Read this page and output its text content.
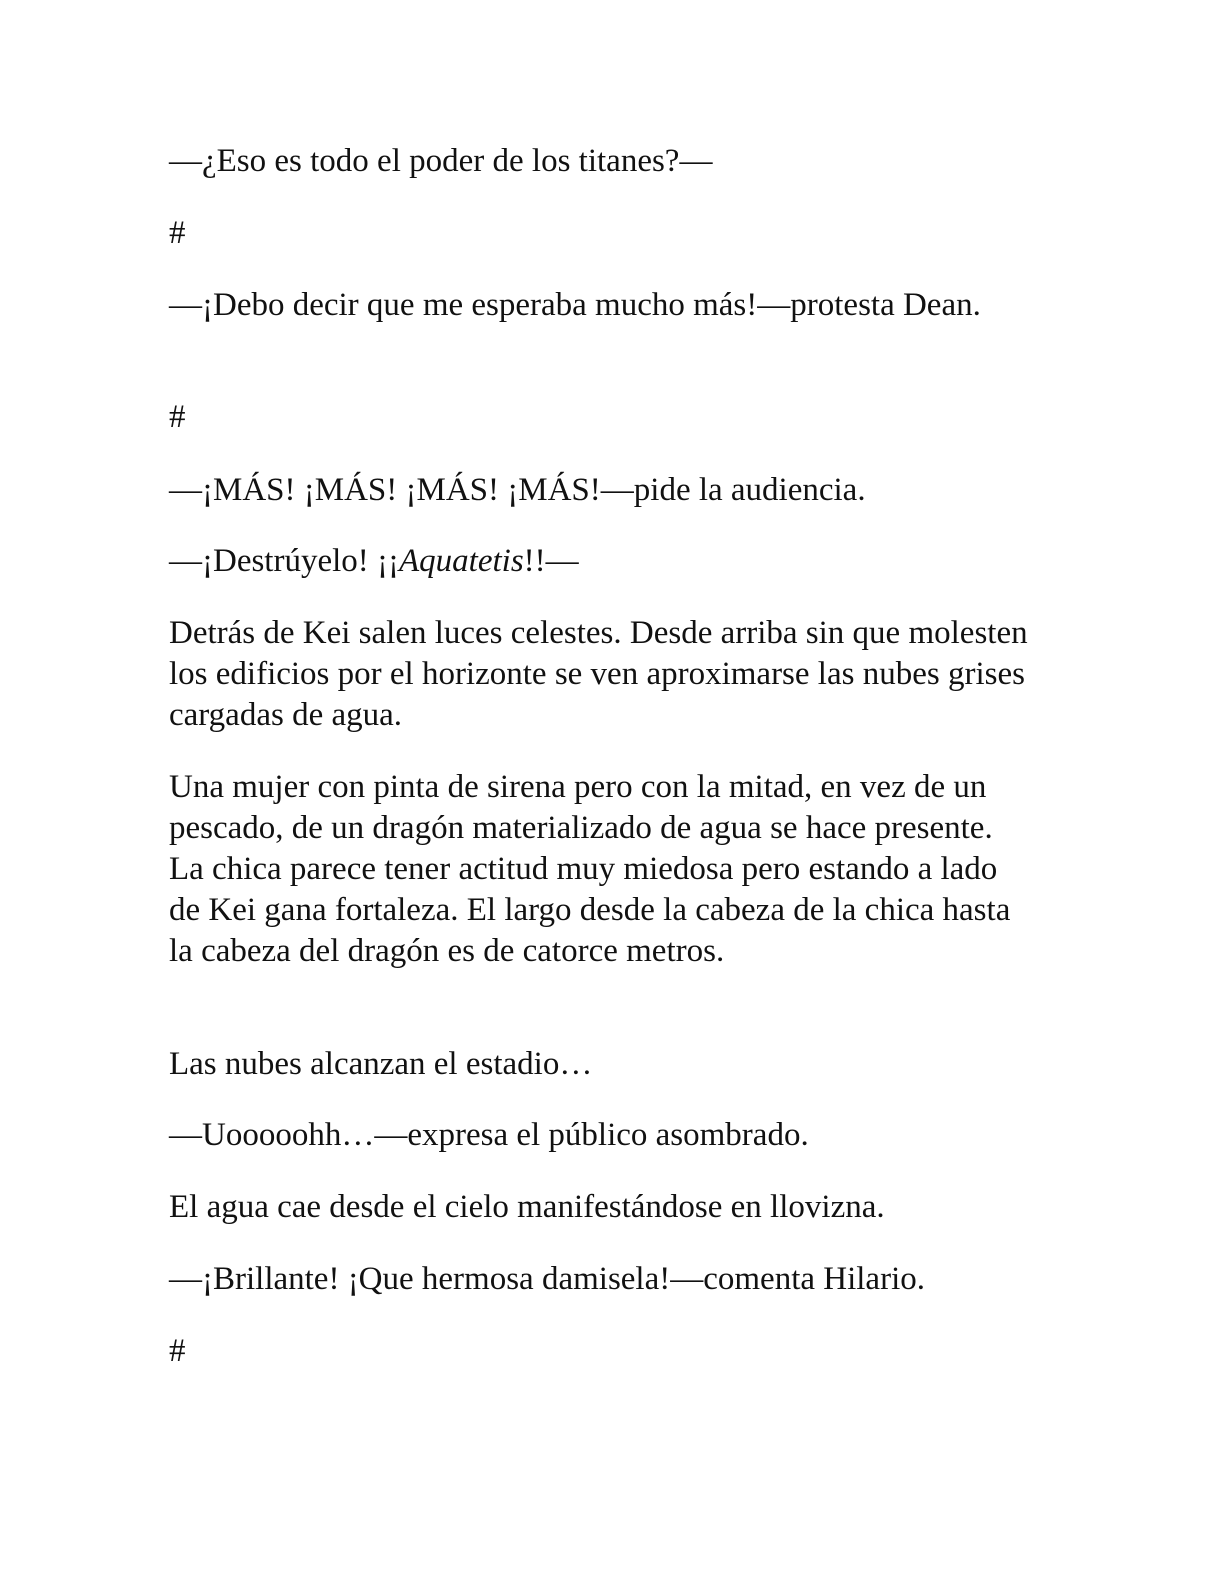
—¿Eso es todo el poder de los titanes?—

#

—¡Debo decir que me esperaba mucho más!—protesta Dean.

#

—¡MÁS! ¡MÁS! ¡MÁS! ¡MÁS!—pide la audiencia.

—¡Destrúyelo! ¡¡Aquatetis!!—

Detrás de Kei salen luces celestes. Desde arriba sin que molesten los edificios por el horizonte se ven aproximarse las nubes grises cargadas de agua.

Una mujer con pinta de sirena pero con la mitad, en vez de un pescado, de un dragón materializado de agua se hace presente. La chica parece tener actitud muy miedosa pero estando a lado de Kei gana fortaleza. El largo desde la cabeza de la chica hasta la cabeza del dragón es de catorce metros.

Las nubes alcanzan el estadio…

—Uooooohh…—expresa el público asombrado.

El agua cae desde el cielo manifestándose en llovizna.

—¡Brillante! ¡Que hermosa damisela!—comenta Hilario.

#
